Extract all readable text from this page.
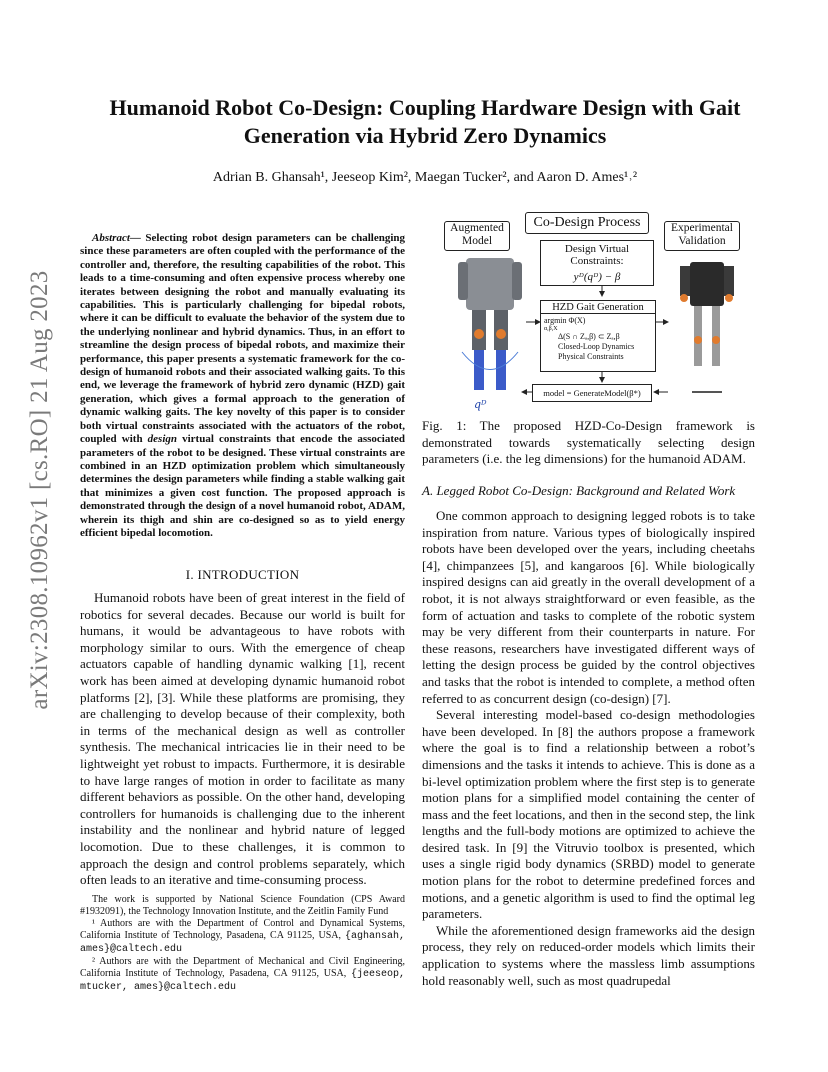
arXiv:2308.10962v1 [cs.RO] 21 Aug 2023
Humanoid Robot Co-Design: Coupling Hardware Design with Gait
Generation via Hybrid Zero Dynamics
Adrian B. Ghansah¹, Jeeseop Kim², Maegan Tucker², and Aaron D. Ames¹˒²
Abstract— Selecting robot design parameters can be challenging since these parameters are often coupled with the performance of the controller and, therefore, the resulting capabilities of the robot. This leads to a time-consuming and often expensive process whereby one iterates between designing the robot and manually evaluating its capabilities. This is particularly challenging for bipedal robots, where it can be difficult to evaluate the behavior of the system due to the underlying nonlinear and hybrid dynamics. Thus, in an effort to streamline the design process of bipedal robots, and maximize their performance, this paper presents a systematic framework for the co-design of humanoid robots and their associated walking gaits. To this end, we leverage the framework of hybrid zero dynamic (HZD) gait generation, which gives a formal approach to the generation of dynamic walking gaits. The key novelty of this paper is to consider both virtual constraints associated with the actuators of the robot, coupled with design virtual constraints that encode the associated parameters of the robot to be designed. These virtual constraints are combined in an HZD optimization problem which simultaneously determines the design parameters while finding a stable walking gait that minimizes a given cost function. The proposed approach is demonstrated through the design of a novel humanoid robot, ADAM, wherein its thigh and shin are co-designed so as to yield energy efficient bipedal locomotion.
I. INTRODUCTION

Humanoid robots have been of great interest in the field of robotics for several decades. Because our world is built for humans, it would be advantageous to have robots with morphology similar to ours. With the emergence of cheap actuators capable of handling dynamic walking [1], recent work has been aimed at developing dynamic humanoid robot platforms [2], [3]. While these platforms are promising, they are challenging to develop because of their complexity, both in terms of the mechanical design as well as controller synthesis. The mechanical intricacies lie in their need to be lightweight yet robust to impacts. Furthermore, it is desirable to have large ranges of motion in order to facilitate as many different behaviors as possible. On the other hand, developing controllers for humanoids is challenging due to the inherent instability and the nonlinear and hybrid nature of legged locomotion. Due to these challenges, it is common to approach the design and control problems separately, which often leads to an iterative and time-consuming process.

The work is supported by National Science Foundation (CPS Award #1932091), the Technology Innovation Institute, and the Zeitlin Family Fund

¹ Authors are with the Department of Control and Dynamical Systems, California Institute of Technology, Pasadena, CA 91125, USA, {aghansah, ames}@caltech.edu

² Authors are with the Department of Mechanical and Civil Engineering, California Institute of Technology, Pasadena, CA 91125, USA, {jeeseop, mtucker, ames}@caltech.edu

Augmented Model
Co-Design Process	Experimental Validation
Design Virtual Constraints:
yᴰ(qᴰ) − β
HZD Gait Generation
argmin Φ(X)
α,β,X
Δ(S ∩ Zₐ,β) ⊂ Zₐ,β
Closed-Loop Dynamics
Physical Constraints
model = GenerateModel(β*)
qᴰ
Fig. 1: The proposed HZD-Co-Design framework is demonstrated towards systematically selecting design parameters (i.e. the leg dimensions) for the humanoid ADAM.
A. Legged Robot Co-Design: Background and Related Work

One common approach to designing legged robots is to take inspiration from nature. Various types of biologically inspired robots have been developed over the years, including cheetahs [4], chimpanzees [5], and kangaroos [6]. While biologically inspired designs can aid greatly in the overall development of a robot, it is not always straightforward or even feasible, as the form of actuation and tasks to complete of the robotic system may be very different from their counterparts in nature. For these reasons, researchers have investigated different ways of letting the design process be guided by the control objectives and tasks that the robot is intended to complete, a method often referred to as concurrent design (co-design) [7].

Several interesting model-based co-design methodologies have been developed. In [8] the authors propose a framework where the goal is to find a relationship between a robot’s dimensions and the tasks it intends to achieve. This is done as a bi-level optimization problem where the first step is to generate motion plans for a simplified model containing the center of mass and the feet locations, and then in the second step, the link lengths and the full-body motions are optimized to achieve the desired task. In [9] the Vitruvio toolbox is presented, which uses a single rigid body dynamics (SRBD) model to generate motion plans for the robot to determine predefined forces and motions, and a genetic algorithm is used to find the optimal leg parameters.

While the aforementioned design frameworks aid the design process, they rely on reduced-order models which limits their application to systems where the massless limb assumptions hold reasonably well, such as most quadrupedal
